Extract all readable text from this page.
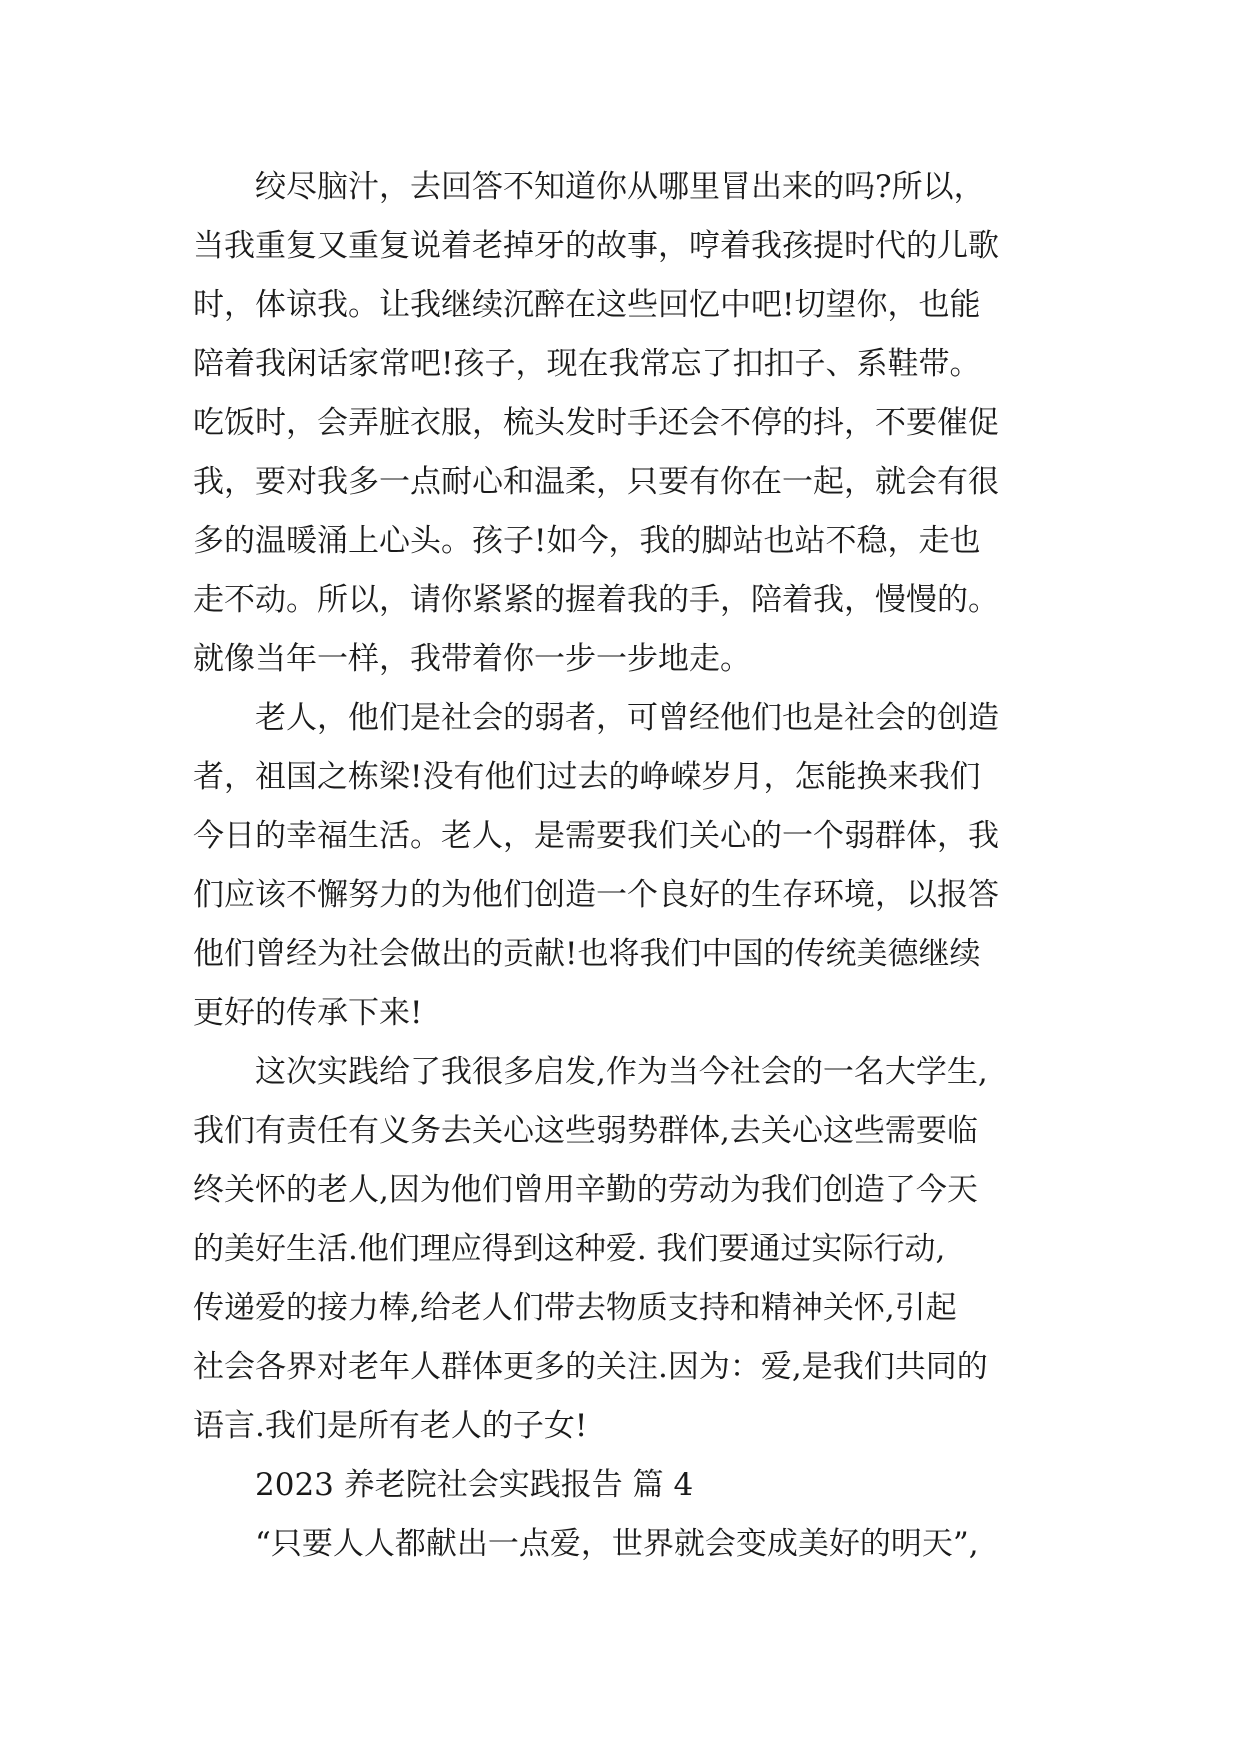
绞尽脑汁，去回答不知道你从哪里冒出来的吗?所以，
当我重复又重复说着老掉牙的故事，哼着我孩提时代的儿歌
时，体谅我。让我继续沉醉在这些回忆中吧!切望你，也能
陪着我闲话家常吧!孩子，现在我常忘了扣扣子、系鞋带。
吃饭时，会弄脏衣服，梳头发时手还会不停的抖，不要催促
我，要对我多一点耐心和温柔，只要有你在一起，就会有很
多的温暖涌上心头。孩子!如今，我的脚站也站不稳，走也
走不动。所以，请你紧紧的握着我的手，陪着我，慢慢的。
就像当年一样，我带着你一步一步地走。
老人，他们是社会的弱者，可曾经他们也是社会的创造
者，祖国之栋梁!没有他们过去的峥嵘岁月，怎能换来我们
今日的幸福生活。老人，是需要我们关心的一个弱群体，我
们应该不懈努力的为他们创造一个良好的生存环境，以报答
他们曾经为社会做出的贡献!也将我们中国的传统美德继续
更好的传承下来!
这次实践给了我很多启发,作为当今社会的一名大学生,
我们有责任有义务去关心这些弱势群体,去关心这些需要临
终关怀的老人,因为他们曾用辛勤的劳动为我们创造了今天
的美好生活.他们理应得到这种爱. 我们要通过实际行动,
传递爱的接力棒,给老人们带去物质支持和精神关怀,引起
社会各界对老年人群体更多的关注.因为：爱,是我们共同的
语言.我们是所有老人的子女!
2023 养老院社会实践报告 篇 4
“只要人人都献出一点爱，世界就会变成美好的明天”,
